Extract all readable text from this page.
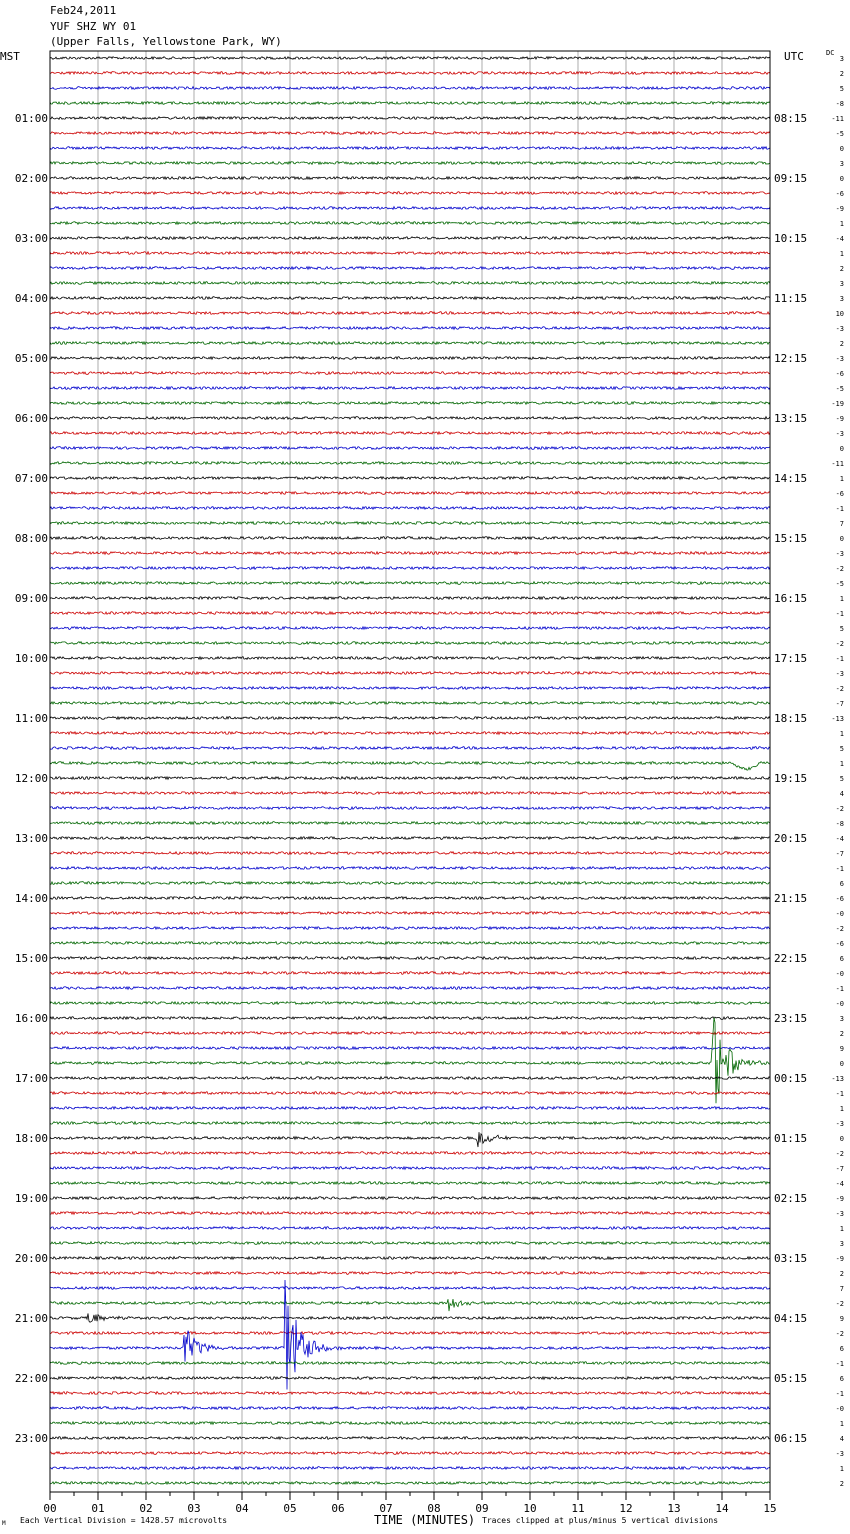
Feb24,2011
YUF SHZ WY 01
(Upper Falls, Yellowstone Park, WY)
MST	UTC	DC
01:00
02:00
03:00
04:00
05:00
06:00
07:00
08:00
09:00
10:00
11:00
12:00
13:00
14:00
15:00
16:00
17:00
18:00
19:00
20:00
21:00
22:00
23:00
08:15
09:15
10:15
11:15
12:15
13:15
14:15
15:15
16:15
17:15
18:15
19:15
20:15
21:15
22:15
23:15
00:15
01:15
02:15
03:15
04:15
05:15
06:15
3
2
5
-8
-11
-5
0
3
0
-6
-9
1
-4
1
2
3
3
10
-3
2
-3
-6
-5
-19
-9
-3
0
-11
1
-6
-1
7
0
-3
-2
-5
1
-1
5
-2
-1
-3
-2
-7
-13
1
5
1
5
4
-2
-8
-4
-7
-1
6
-6
-0
-2
-6
6
-0
-1
-0
3
2
9
0
-13
-1
1
-3
0
-2
-7
-4
-9
-3
1
3
-9
2
7
-2
9
-2
6
-1
6
-1
-0
1
4
-3
1
2
00	01	02	03	04	05	06	07	08	09	10	11	12	13	14	15
TIME (MINUTES)
M Each Vertical Division = 1428.57 microvolts	Traces clipped at plus/minus 5 vertical divisions
